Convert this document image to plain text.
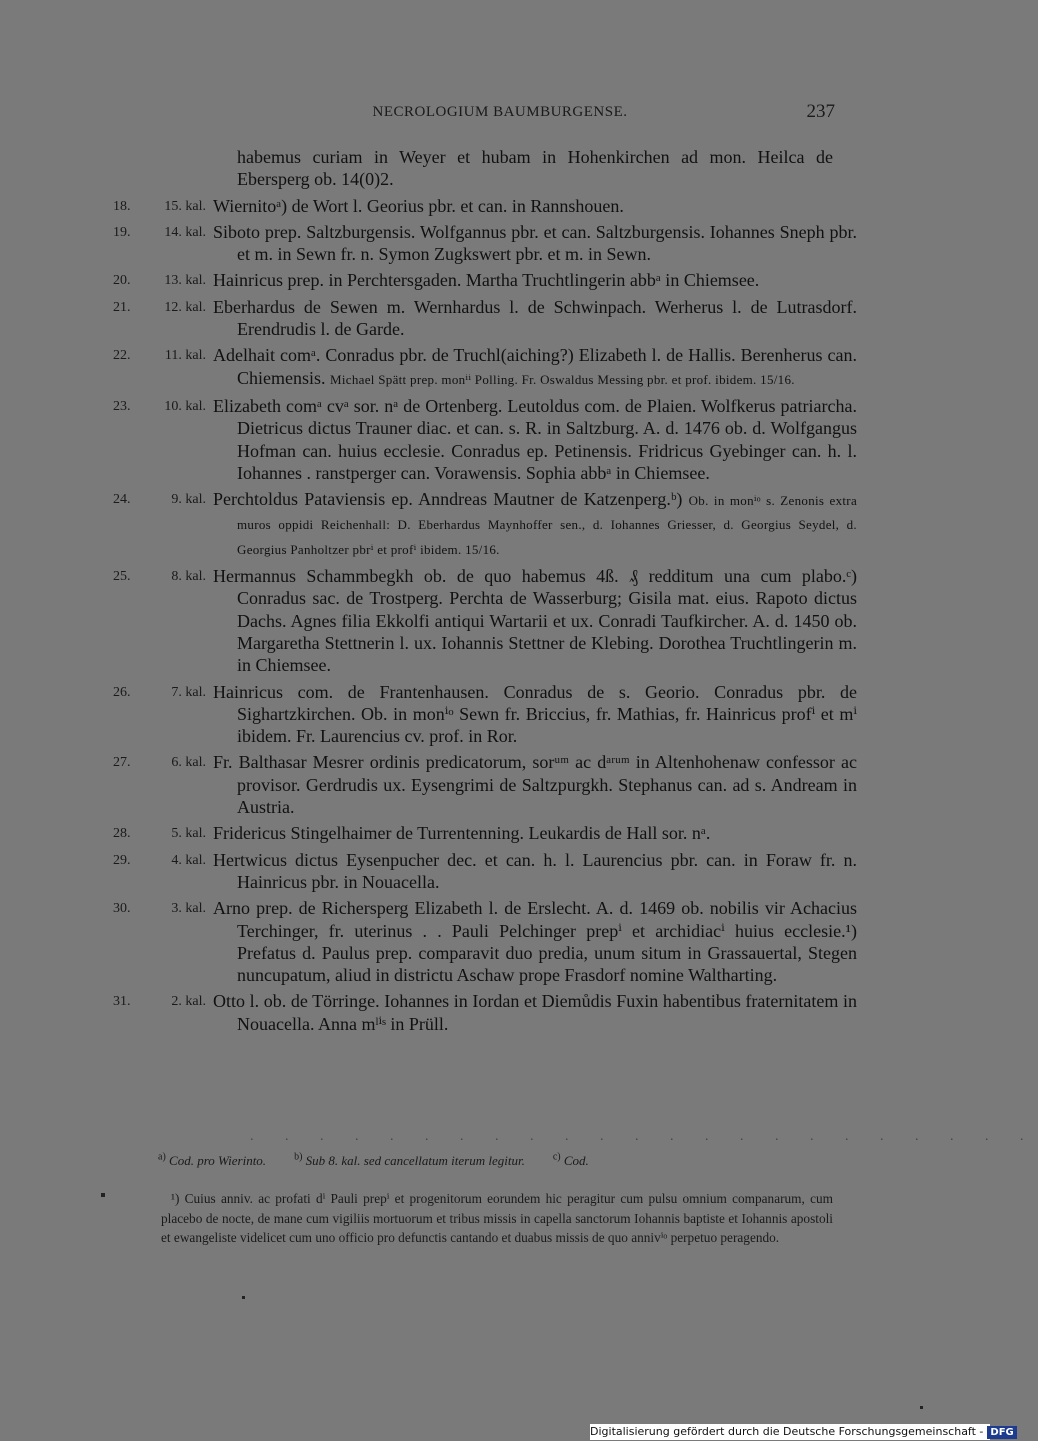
NECROLOGIUM BAUMBURGENSE.	237
habemus curiam in Weyer et hubam in Hohenkirchen ad mon. Heilca de Ebersperg ob. 14(0)2.
18.	15. kal. Wiernitoᵃ) de Wort l. Georius pbr. et can. in Rannshouen.
19.	14. kal. Siboto prep. Saltzburgensis. Wolfgannus pbr. et can. Saltzburgensis. Iohannes Sneph pbr. et m. in Sewn fr. n. Symon Zugkswert pbr. et m. in Sewn.
20.	13. kal. Hainricus prep. in Perchtersgaden. Martha Truchtlingerin abbᵃ in Chiemsee.
21.	12. kal. Eberhardus de Sewen m. Wernhardus l. de Schwinpach. Werherus l. de Lutrasdorf. Erendrudis l. de Garde.
22.	11. kal. Adelhait comᵃ. Conradus pbr. de Truchl(aiching?) Elizabeth l. de Hallis. Berenherus can. Chiemensis. Michael Spätt prep. monⁱⁱ Polling. Fr. Oswaldus Messing pbr. et prof. ibidem. 15/16.
23.	10. kal. Elizabeth comᵃ cvᵃ sor. nᵃ de Ortenberg. Leutoldus com. de Plaien. Wolfkerus patriarcha. Dietricus dictus Trauner diac. et can. s. R. in Saltzburg. A. d. 1476 ob. d. Wolfgangus Hofman can. huius ecclesie. Conradus ep. Petinensis. Fridricus Gyebinger can. h. l. Iohannes . ranstperger can. Vorawensis. Sophia abbᵃ in Chiemsee.
24.	9. kal. Perchtoldus Pataviensis ep. Anndreas Mautner de Katzenperg.ᵇ) Ob. in monⁱᵒ s. Zenonis extra muros oppidi Reichenhall: D. Eberhardus Maynhoffer sen., d. Iohannes Griesser, d. Georgius Seydel, d. Georgius Panholtzer pbrⁱ et profⁱ ibidem. 15/16.
25.	8. kal. Hermannus Schammbegkh ob. de quo habemus 4ß. ₰ redditum una cum plabo.ᶜ) Conradus sac. de Trostperg. Perchta de Wasserburg; Gisila mat. eius. Rapoto dictus Dachs. Agnes filia Ekkolfi antiqui Wartarii et ux. Conradi Taufkircher. A. d. 1450 ob. Margaretha Stettnerin l. ux. Iohannis Stettner de Klebing. Dorothea Truchtlingerin m. in Chiemsee.
26.	7. kal. Hainricus com. de Frantenhausen. Conradus de s. Georio. Conradus pbr. de Sighartzkirchen. Ob. in monⁱᵒ Sewn fr. Briccius, fr. Mathias, fr. Hainricus profⁱ et mⁱ ibidem. Fr. Laurencius cv. prof. in Ror.
27.	6. kal. Fr. Balthasar Mesrer ordinis predicatorum, sorᵘᵐ ac dᵃʳᵘᵐ in Altenhohenaw confessor ac provisor. Gerdrudis ux. Eysengrimi de Saltzpurgkh. Stephanus can. ad s. Andream in Austria.
28.	5. kal. Fridericus Stingelhaimer de Turrentenning. Leukardis de Hall sor. nᵃ.
29.	4. kal. Hertwicus dictus Eysenpucher dec. et can. h. l. Laurencius pbr. can. in Foraw fr. n. Hainricus pbr. in Nouacella.
30.	3. kal. Arno prep. de Richersperg Elizabeth l. de Erslecht. A. d. 1469 ob. nobilis vir Achacius Terchinger, fr. uterinus . . Pauli Pelchinger prepⁱ et archidiacⁱ huius ecclesie.¹) Prefatus d. Paulus prep. comparavit duo predia, unum situm in Grassauertal, Stegen nuncupatum, aliud in districtu Aschaw prope Frasdorf nomine Waltharting.
31.	2. kal. Otto l. ob. de Törringe. Iohannes in Iordan et Diemůdis Fuxin habentibus fraternitatem in Nouacella. Anna mˡⁱˢ in Prüll.
. . . . . . . . . . . . . . . . . . . . . . .
$^{a)}$ Cod. pro Wierinto.	$^{b)}$ Sub 8. kal. sed cancellatum iterum legitur.	$^{c)}$ Cod.
¹) Cuius anniv. ac profati dⁱ Pauli prepⁱ et progenitorum eorundem hic peragitur cum pulsu omnium companarum, cum placebo de nocte, de mane cum vigiliis mortuorum et tribus missis in capella sanctorum Iohannis baptiste et Iohannis apostoli et ewangeliste videlicet cum uno officio pro defunctis cantando et duabus missis de quo annivⁱᵒ perpetuo peragendo.
Digitalisierung gefördert durch die Deutsche Forschungsgemeinschaft - DFG
